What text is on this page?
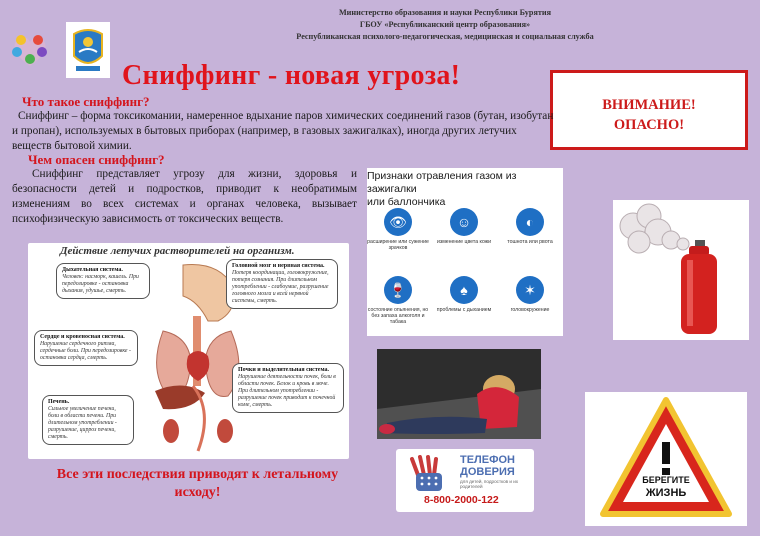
Министерство образования и науки Республики Бурятия
ГБОУ «Республиканский центр образования»
Республиканская психолого-педагогическая, медицинская и социальная служба
Сниффинг - новая угроза!
ВНИМАНИЕ!
ОПАСНО!
Что такое сниффинг?
Сниффинг – форма токсикомании, намеренное вдыхание паров химических соединений газов (бутан, изобутан и пропан), используемых в бытовых приборах (например, в газовых зажигалках), иногда других летучих веществ бытовой химии.
Чем опасен сниффинг?
Сниффинг представляет угрозу для жизни, здоровья и безопасности детей и подростков, приводит к необратимым изменениям во всех системах и органах человека, вызывает психофизическую зависимость от токсических веществ.
Действие летучих растворителей на организм.
Дыхательная система.
Человек: насморк, кашель. При передозировке - остановка дыхания, удушье, смерть.
Головной мозг и нервная система.
Потеря координации, головокружение, потеря сознания. При длительном употреблении - слабоумие, разрушение головного мозга и всей нервной системы, смерть.
Сердце и кровеносная система.
Нарушение сердечного ритма, сердечные боли. При передозировке - остановка сердца, смерть.
Почки и выделительная система.
Нарушение деятельности почек, боли в области почек. Белок и кровь в моче. При длительном употреблении - разрушение почек приводит к почечной коме, смерть.
Печень.
Сильное увеличение печени, боли в области печени. При длительном употреблении - разрушение, цирроз печени, смерть.
Все эти последствия приводят к летальному
исходу!
Признаки отравления газом из зажигалки
или баллончика
👁
расширение или сужение зрачков
☺
изменение цвета кожи
◐
тошнота или рвота
🍷
состояние опьянения, но без запаха алкоголя и табака
♠
проблемы с дыханием
✶
головокружение
ТЕЛЕФОН
ДОВЕРИЯ
для детей, подростков и их родителей
8-800-2000-122
БЕРЕГИТЕ
ЖИЗНЬ
